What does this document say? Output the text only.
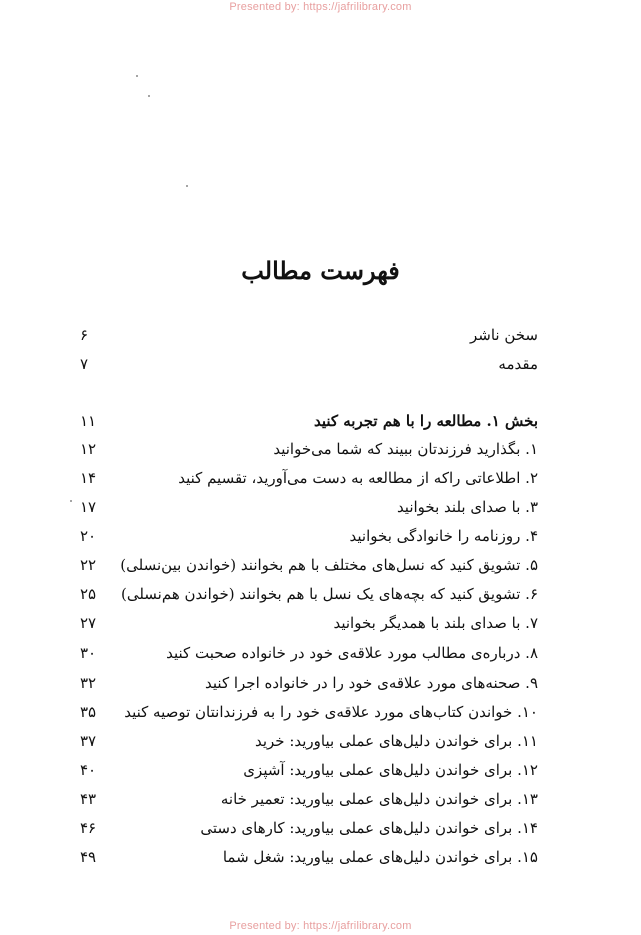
Presented by: https://jafrilibrary.com
فهرست مطالب
۶	سخن ناشر
۷	مقدمه
۱۱	بخش ۱. مطالعه را با هم تجربه کنید
۱۲	۱. بگذارید فرزندتان ببیند که شما می‌خوانید
۱۴	۲. اطلاعاتی راکه از مطالعه به دست می‌آورید، تقسیم کنید
۱۷	۳. با صدای بلند بخوانید
۲۰	۴. روزنامه را خانوادگی بخوانید
۲۲	۵. تشویق کنید که نسل‌های مختلف با هم بخوانند (خواندن بین‌نسلی)
۲۵	۶. تشویق کنید که بچه‌های یک نسل با هم بخوانند (خواندن هم‌نسلی)
۲۷	۷. با صدای بلند با همدیگر بخوانید
۳۰	۸. درباره‌ی مطالب مورد علاقه‌ی خود در خانواده صحبت کنید
۳۲	۹. صحنه‌های مورد علاقه‌ی خود را در خانواده اجرا کنید
۳۵	۱۰. خواندن کتاب‌های مورد علاقه‌ی خود را به فرزندانتان توصیه کنید
۳۷	۱۱. برای خواندن دلیل‌های عملی بیاورید: خرید
۴۰	۱۲. برای خواندن دلیل‌های عملی بیاورید: آشپزی
۴۳	۱۳. برای خواندن دلیل‌های عملی بیاورید: تعمیر خانه
۴۶	۱۴. برای خواندن دلیل‌های عملی بیاورید: کارهای دستی
۴۹	۱۵. برای خواندن دلیل‌های عملی بیاورید: شغل شما
Presented by: https://jafrilibrary.com
